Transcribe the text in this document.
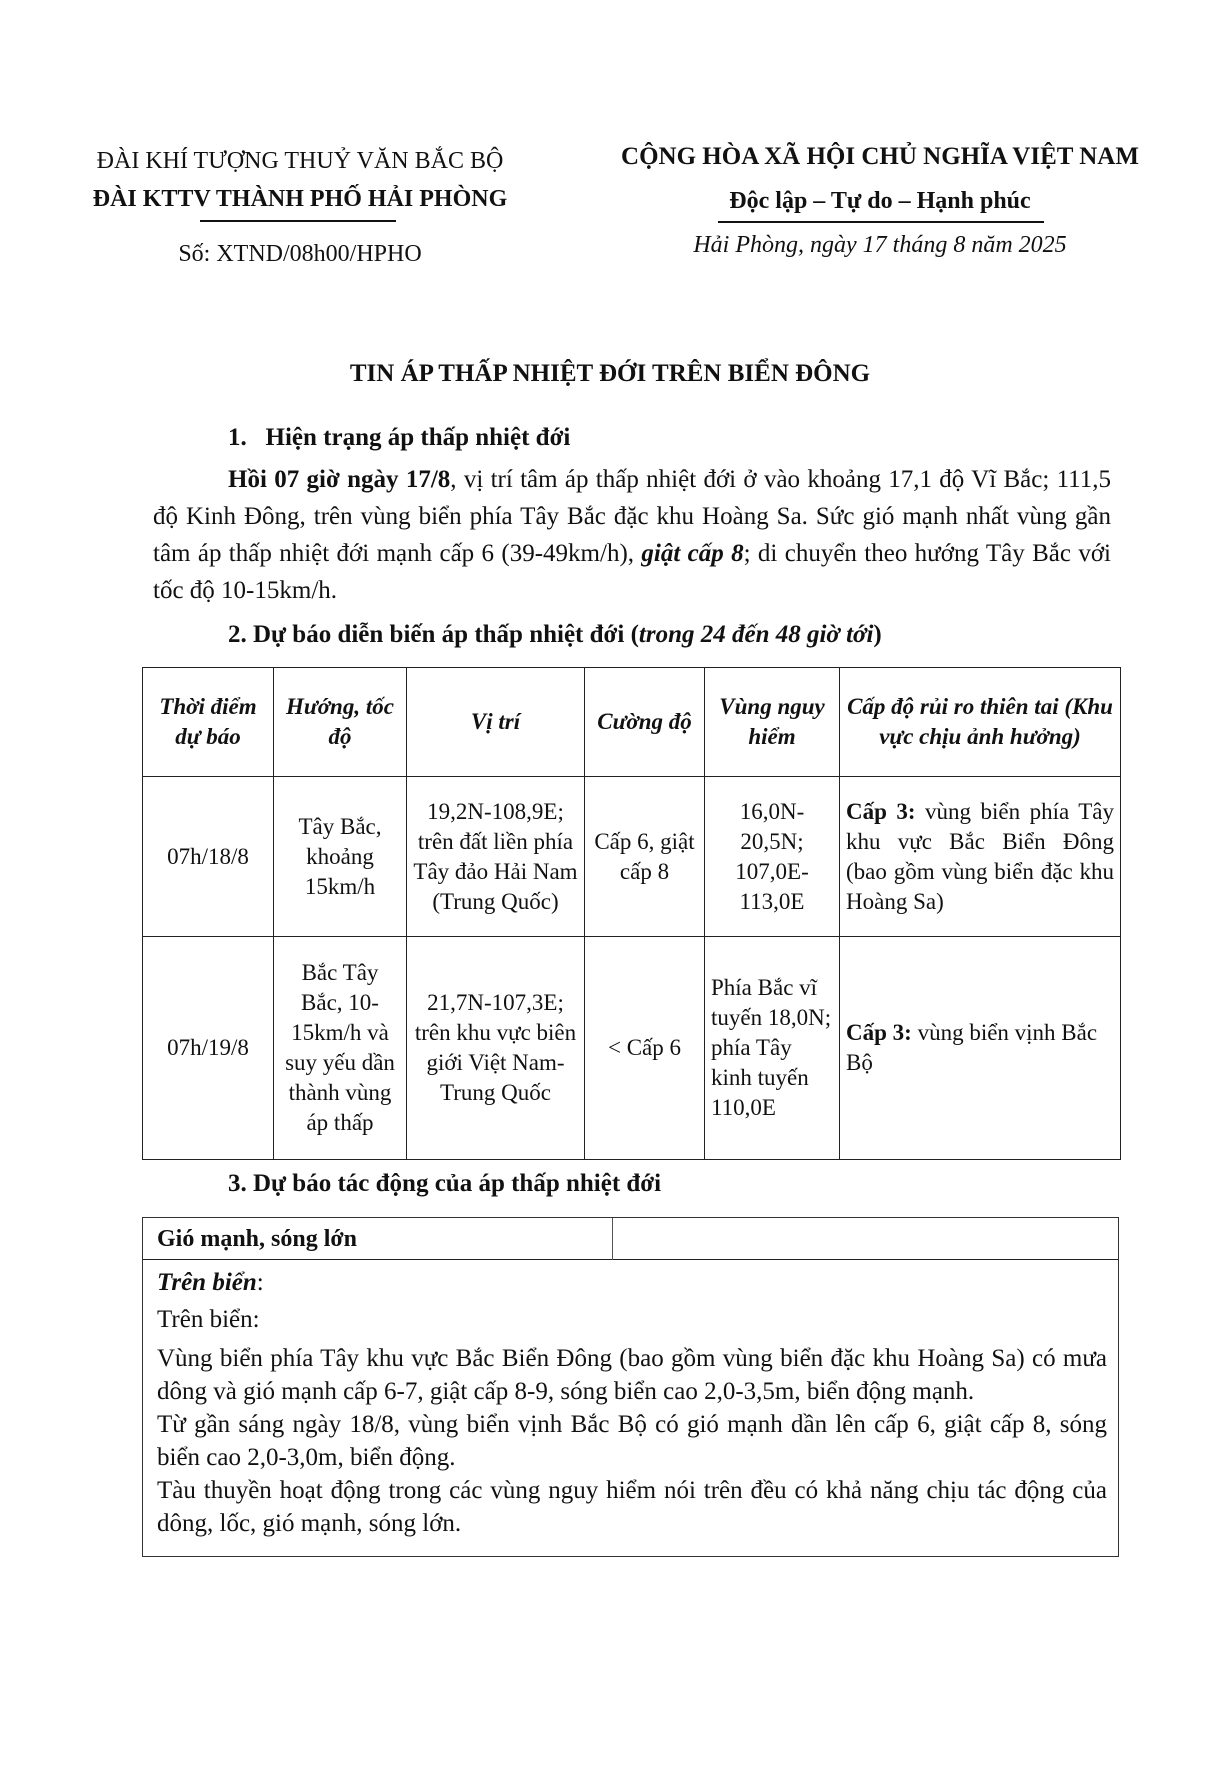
ĐÀI KHÍ TƯỢNG THUỶ VĂN BẮC BỘ
ĐÀI KTTV THÀNH PHỐ HẢI PHÒNG
Số: XTND/08h00/HPHO
CỘNG HÒA XÃ HỘI CHỦ NGHĨA VIỆT NAM
Độc lập – Tự do – Hạnh phúc
Hải Phòng, ngày 17 tháng 8 năm 2025
TIN ÁP THẤP NHIỆT ĐỚI TRÊN BIỂN ĐÔNG
1.   Hiện trạng áp thấp nhiệt đới
Hồi 07 giờ ngày 17/8, vị trí tâm áp thấp nhiệt đới ở vào khoảng 17,1 độ Vĩ Bắc; 111,5 độ Kinh Đông, trên vùng biển phía Tây Bắc đặc khu Hoàng Sa. Sức gió mạnh nhất vùng gần tâm áp thấp nhiệt đới mạnh cấp 6 (39-49km/h), giật cấp 8; di chuyển theo hướng Tây Bắc với tốc độ 10-15km/h.
2. Dự báo diễn biến áp thấp nhiệt đới (trong 24 đến 48 giờ tới)
Thời điểm dự báo	Hướng, tốc độ	Vị trí	Cường độ	Vùng nguy hiểm	Cấp độ rủi ro thiên tai (Khu vực chịu ảnh hưởng)
07h/18/8	Tây Bắc, khoảng 15km/h	19,2N-108,9E; trên đất liền phía Tây đảo Hải Nam (Trung Quốc)	Cấp 6, giật cấp 8	16,0N-20,5N; 107,0E-113,0E	Cấp 3: vùng biển phía Tây khu vực Bắc Biển Đông (bao gồm vùng biển đặc khu Hoàng Sa)
07h/19/8	Bắc Tây Bắc, 10-15km/h và suy yếu dần thành vùng áp thấp	21,7N-107,3E; trên khu vực biên giới Việt Nam-Trung Quốc	< Cấp 6	Phía Bắc vĩ tuyến 18,0N; phía Tây kinh tuyến 110,0E	Cấp 3: vùng biển vịnh Bắc Bộ
3. Dự báo tác động của áp thấp nhiệt đới
Gió mạnh, sóng lớn

Trên biển:

Trên biển:

Vùng biển phía Tây khu vực Bắc Biển Đông (bao gồm vùng biển đặc khu Hoàng Sa) có mưa dông và gió mạnh cấp 6-7, giật cấp 8-9, sóng biển cao 2,0-3,5m, biển động mạnh.

Từ gần sáng ngày 18/8, vùng biển vịnh Bắc Bộ có gió mạnh dần lên cấp 6, giật cấp 8, sóng biển cao 2,0-3,0m, biển động.

Tàu thuyền hoạt động trong các vùng nguy hiểm nói trên đều có khả năng chịu tác động của dông, lốc, gió mạnh, sóng lớn.
